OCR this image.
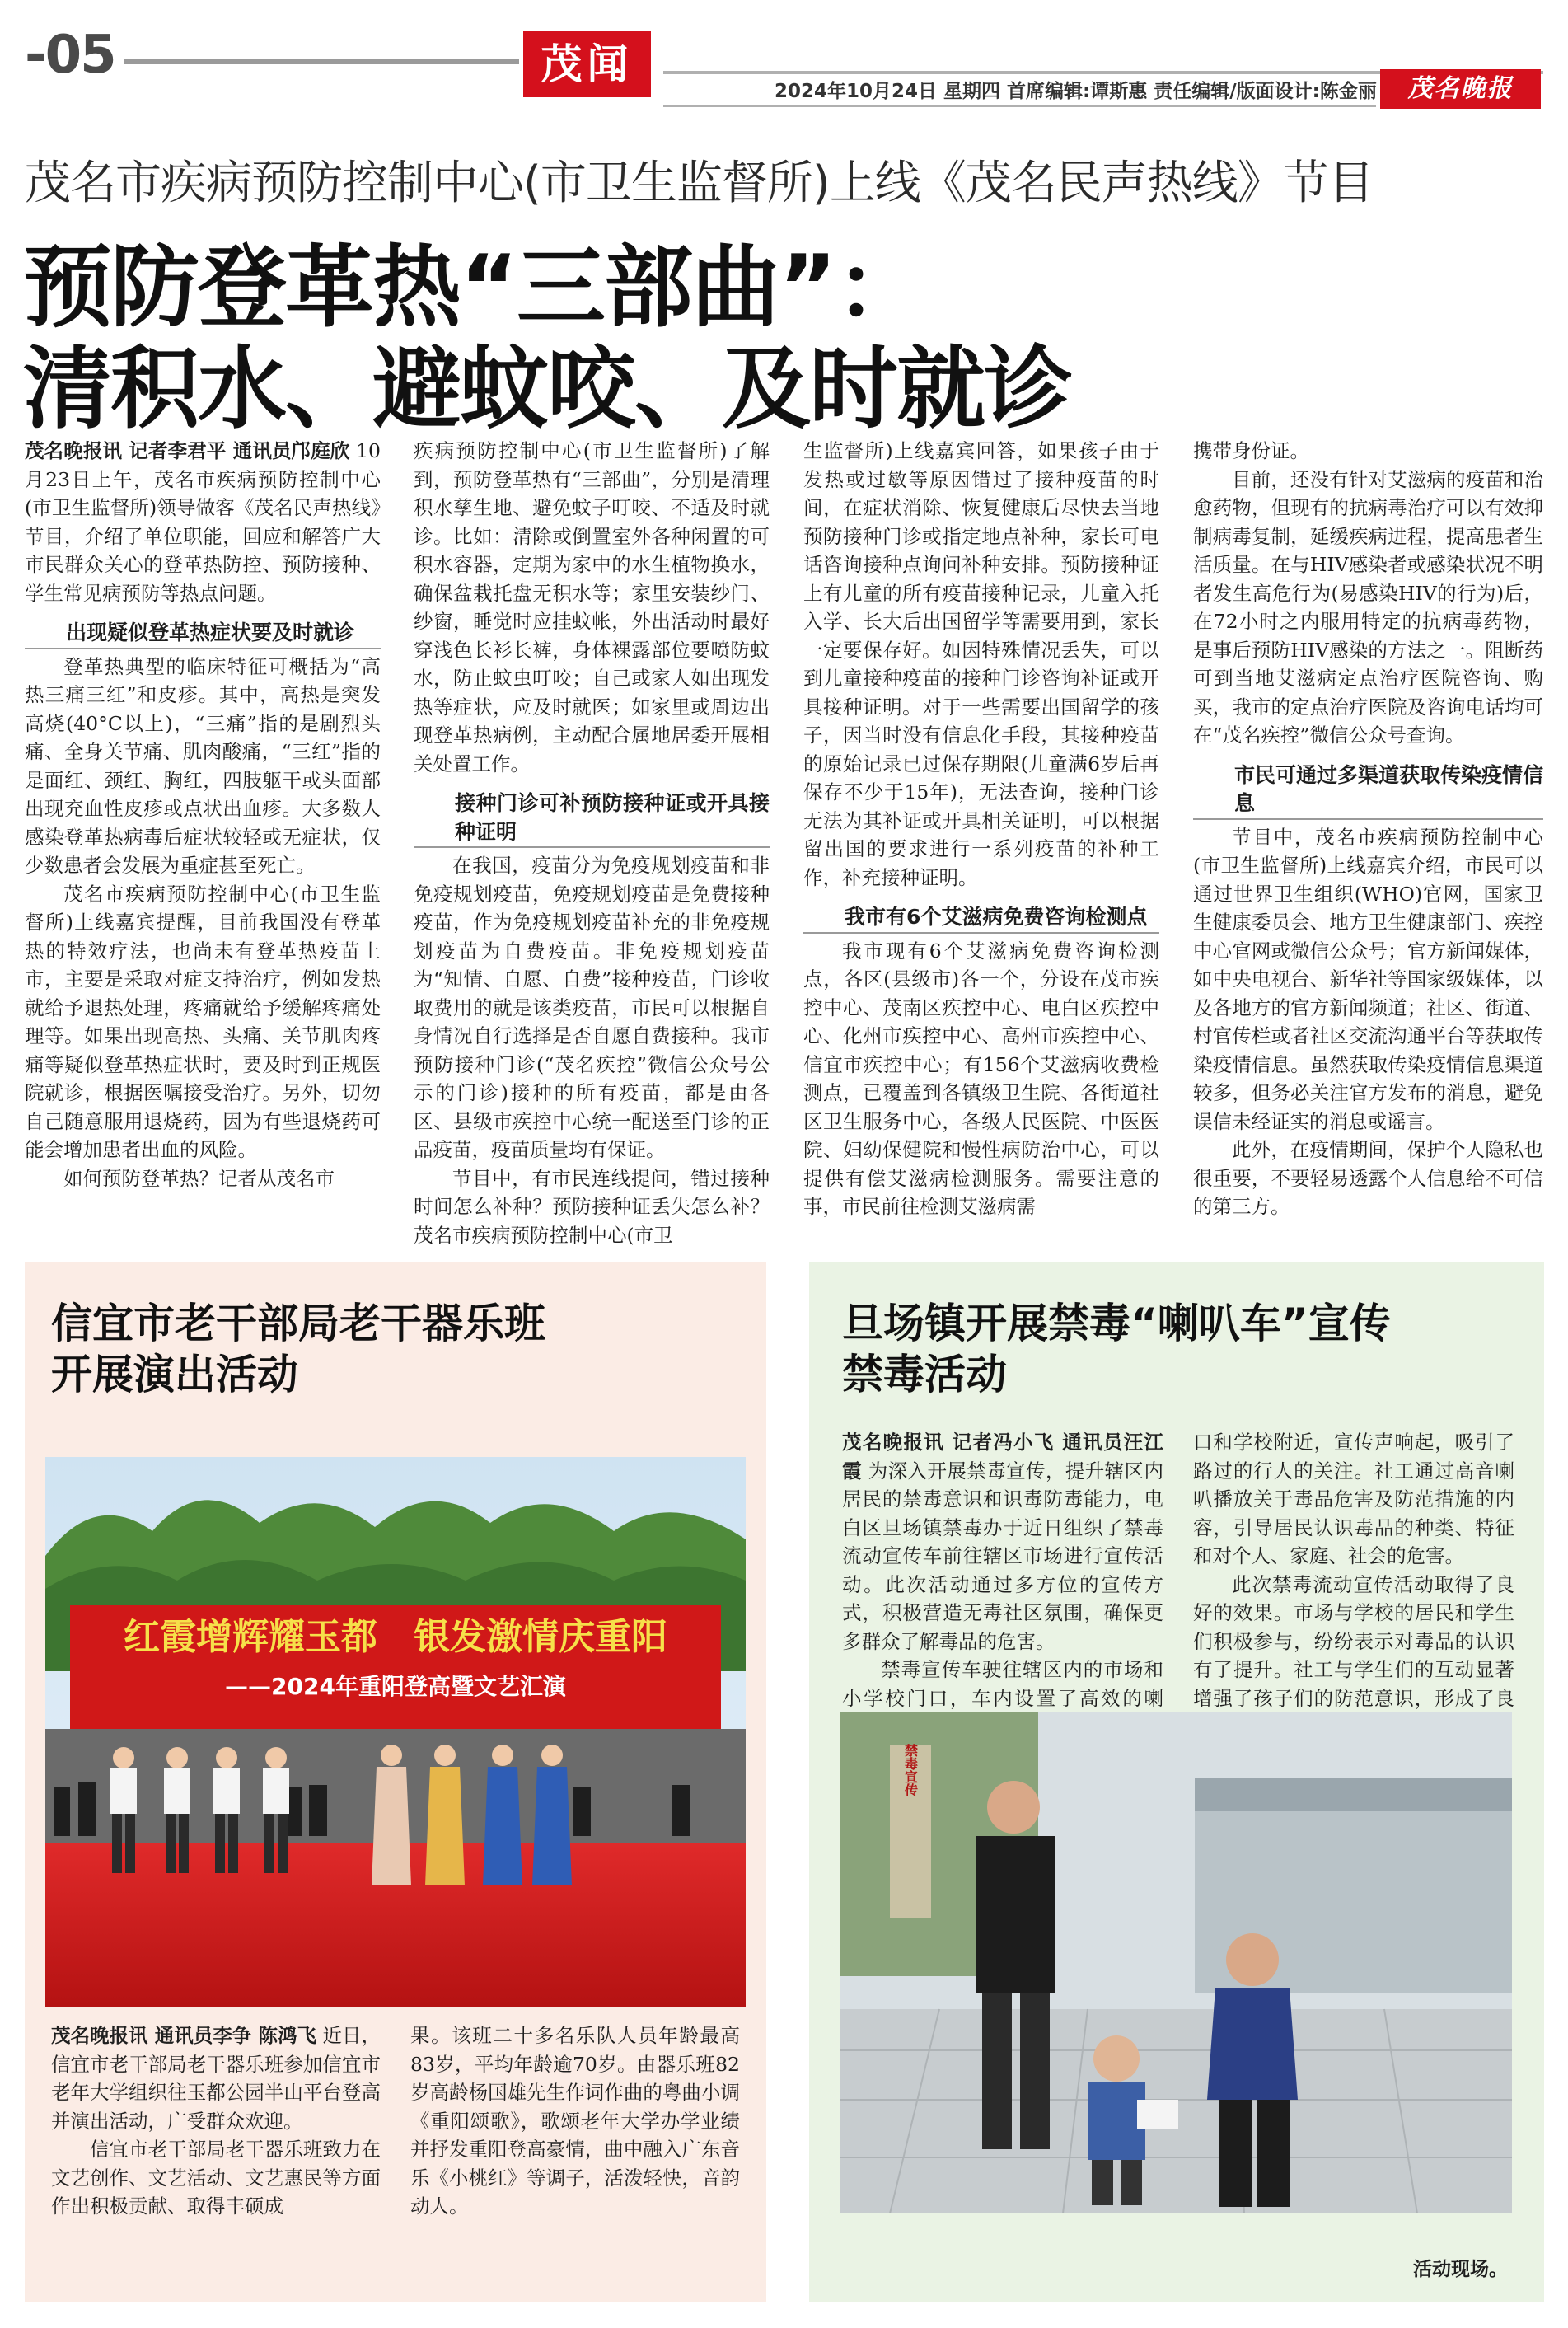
-05	茂闻
2024年10月24日 星期四 首席编辑:谭斯惠 责任编辑/版面设计:陈金丽	茂名晚报
茂名市疾病预防控制中心(市卫生监督所)上线《茂名民声热线》节目
预防登革热“三部曲”：
清积水、避蚊咬、及时就诊

茂名晚报讯 记者李君平 通讯员邝庭欣 10月23日上午，茂名市疾病预防控制中心(市卫生监督所)领导做客《茂名民声热线》节目，介绍了单位职能，回应和解答广大市民群众关心的登革热防控、预防接种、学生常见病预防等热点问题。

出现疑似登革热症状要及时就诊

登革热典型的临床特征可概括为“高热三痛三红”和皮疹。其中，高热是突发高烧(40°C以上)，“三痛”指的是剧烈头痛、全身关节痛、肌肉酸痛，“三红”指的是面红、颈红、胸红，四肢躯干或头面部出现充血性皮疹或点状出血疹。大多数人感染登革热病毒后症状较轻或无症状，仅少数患者会发展为重症甚至死亡。

茂名市疾病预防控制中心(市卫生监督所)上线嘉宾提醒，目前我国没有登革热的特效疗法，也尚未有登革热疫苗上市，主要是采取对症支持治疗，例如发热就给予退热处理，疼痛就给予缓解疼痛处理等。如果出现高热、头痛、关节肌肉疼痛等疑似登革热症状时，要及时到正规医院就诊，根据医嘱接受治疗。另外，切勿自己随意服用退烧药，因为有些退烧药可能会增加患者出血的风险。

如何预防登革热？记者从茂名市

疾病预防控制中心(市卫生监督所)了解到，预防登革热有“三部曲”，分别是清理积水孳生地、避免蚊子叮咬、不适及时就诊。比如：清除或倒置室外各种闲置的可积水容器，定期为家中的水生植物换水，确保盆栽托盘无积水等；家里安装纱门、纱窗，睡觉时应挂蚊帐，外出活动时最好穿浅色长衫长裤，身体裸露部位要喷防蚊水，防止蚊虫叮咬；自己或家人如出现发热等症状，应及时就医；如家里或周边出现登革热病例，主动配合属地居委开展相关处置工作。

接种门诊可补预防接种证或开具接种证明

在我国，疫苗分为免疫规划疫苗和非免疫规划疫苗，免疫规划疫苗是免费接种疫苗，作为免疫规划疫苗补充的非免疫规划疫苗为自费疫苗。非免疫规划疫苗为“知情、自愿、自费”接种疫苗，门诊收取费用的就是该类疫苗，市民可以根据自身情况自行选择是否自愿自费接种。我市预防接种门诊(“茂名疾控”微信公众号公示的门诊)接种的所有疫苗，都是由各区、县级市疾控中心统一配送至门诊的正品疫苗，疫苗质量均有保证。

节目中，有市民连线提问，错过接种时间怎么补种？预防接种证丢失怎么补？茂名市疾病预防控制中心(市卫

生监督所)上线嘉宾回答，如果孩子由于发热或过敏等原因错过了接种疫苗的时间，在症状消除、恢复健康后尽快去当地预防接种门诊或指定地点补种，家长可电话咨询接种点询问补种安排。预防接种证上有儿童的所有疫苗接种记录，儿童入托入学、长大后出国留学等需要用到，家长一定要保存好。如因特殊情况丢失，可以到儿童接种疫苗的接种门诊咨询补证或开具接种证明。对于一些需要出国留学的孩子，因当时没有信息化手段，其接种疫苗的原始记录已过保存期限(儿童满6岁后再保存不少于15年)，无法查询，接种门诊无法为其补证或开具相关证明，可以根据留出国的要求进行一系列疫苗的补种工作，补充接种证明。

我市有6个艾滋病免费咨询检测点

我市现有6个艾滋病免费咨询检测点，各区(县级市)各一个，分设在茂市疾控中心、茂南区疾控中心、电白区疾控中心、化州市疾控中心、高州市疾控中心、信宜市疾控中心；有156个艾滋病收费检测点，已覆盖到各镇级卫生院、各街道社区卫生服务中心，各级人民医院、中医医院、妇幼保健院和慢性病防治中心，可以提供有偿艾滋病检测服务。需要注意的事，市民前往检测艾滋病需

携带身份证。

目前，还没有针对艾滋病的疫苗和治愈药物，但现有的抗病毒治疗可以有效抑制病毒复制，延缓疾病进程，提高患者生活质量。在与HIV感染者或感染状况不明者发生高危行为(易感染HIV的行为)后，在72小时之内服用特定的抗病毒药物，是事后预防HIV感染的方法之一。阻断药可到当地艾滋病定点治疗医院咨询、购买，我市的定点治疗医院及咨询电话均可在“茂名疾控”微信公众号查询。

市民可通过多渠道获取传染疫情信息

节目中，茂名市疾病预防控制中心(市卫生监督所)上线嘉宾介绍，市民可以通过世界卫生组织(WHO)官网，国家卫生健康委员会、地方卫生健康部门、疾控中心官网或微信公众号；官方新闻媒体，如中央电视台、新华社等国家级媒体，以及各地方的官方新闻频道；社区、街道、村官传栏或者社区交流沟通平台等获取传染疫情信息。虽然获取传染疫情信息渠道较多，但务必关注官方发布的消息，避免误信未经证实的消息或谣言。

此外，在疫情期间，保护个人隐私也很重要，不要轻易透露个人信息给不可信的第三方。

信宜市老干部局老干器乐班
开展演出活动
红霞增辉耀玉都　银发激情庆重阳
——2024年重阳登高暨文艺汇演

茂名晚报讯 通讯员李争 陈鸿飞 近日，信宜市老干部局老干器乐班参加信宜市老年大学组织往玉都公园半山平台登高并演出活动，广受群众欢迎。

信宜市老干部局老干器乐班致力在文艺创作、文艺活动、文艺惠民等方面作出积极贡献、取得丰硕成

果。该班二十多名乐队人员年龄最高83岁，平均年龄逾70岁。由器乐班82岁高龄杨国雄先生作词作曲的粤曲小调《重阳颂歌》，歌颂老年大学办学业绩并抒发重阳登高豪情，曲中融入广东音乐《小桃红》等调子，活泼轻快，音韵动人。

旦场镇开展禁毒“喇叭车”宣传
禁毒活动

茂名晚报讯 记者冯小飞 通讯员汪江霞 为深入开展禁毒宣传，提升辖区内居民的禁毒意识和识毒防毒能力，电白区旦场镇禁毒办于近日组织了禁毒流动宣传车前往辖区市场进行宣传活动。此次活动通过多方位的宣传方式，积极营造无毒社区氛围，确保更多群众了解毒品的危害。

禁毒宣传车驶往辖区内的市场和小学校门口，车内设置了高效的喇

口和学校附近，宣传声响起，吸引了路过的行人的关注。社工通过高音喇叭播放关于毒品危害及防范措施的内容，引导居民认识毒品的种类、特征和对个人、家庭、社会的危害。

此次禁毒流动宣传活动取得了良好的效果。市场与学校的居民和学生们积极参与，纷纷表示对毒品的认识有了提升。社工与学生们的互动显著增强了孩子们的防范意识，形成了良

禁毒宣传
活动现场。
